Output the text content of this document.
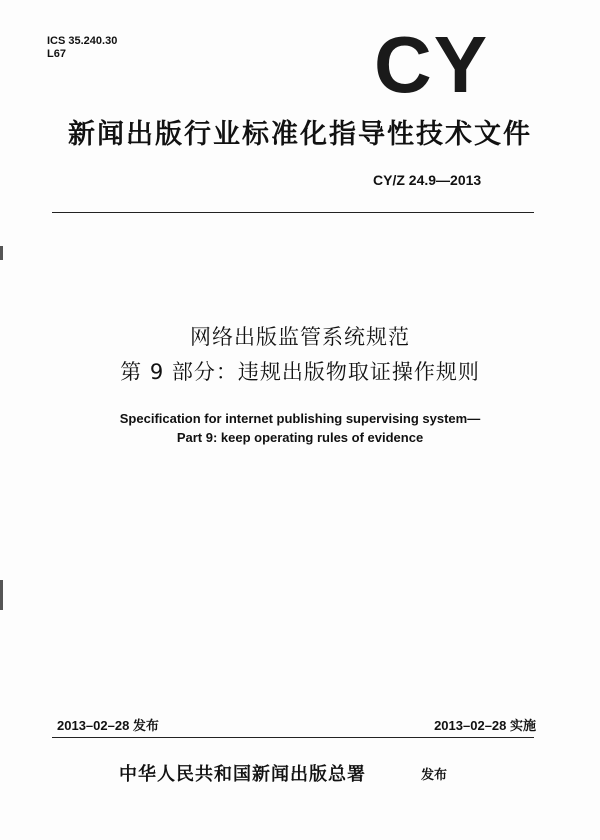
ICS 35.240.30
L67	CY
新闻出版行业标准化指导性技术文件
CY/Z 24.9—2013
网络出版监管系统规范
第 9 部分：违规出版物取证操作规则
Specification for internet publishing supervising system—
Part 9: keep operating rules of evidence
2013–02–28 发布	2013–02–28 实施
中华人民共和国新闻出版总署	发布
